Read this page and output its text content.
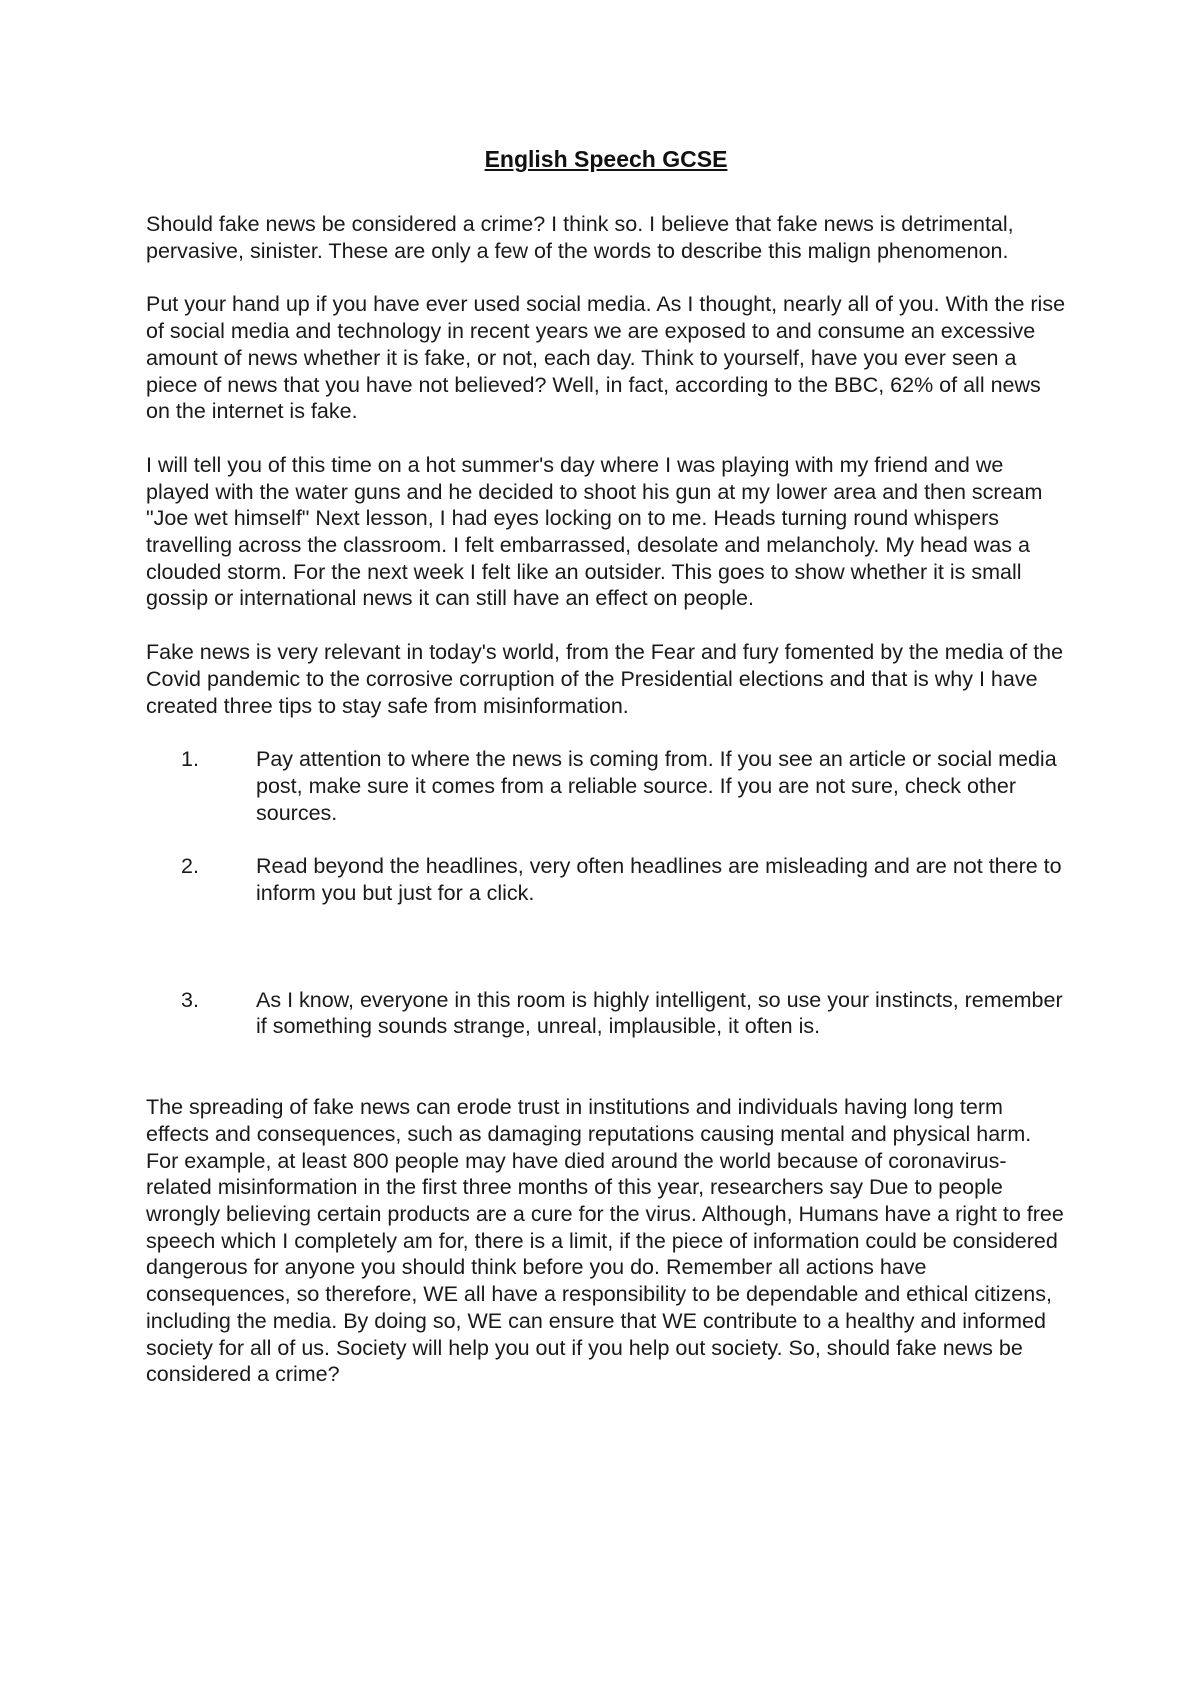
English Speech GCSE

Should fake news be considered a crime? I think so. I believe that fake news is detrimental, pervasive, sinister. These are only a few of the words to describe this malign phenomenon.

Put your hand up if you have ever used social media. As I thought, nearly all of you. With the rise of social media and technology in recent years we are exposed to and consume an excessive amount of news whether it is fake, or not, each day. Think to yourself, have you ever seen a piece of news that you have not believed? Well, in fact, according to the BBC, 62% of all news on the internet is fake.

I will tell you of this time on a hot summer's day where I was playing with my friend and we played with the water guns and he decided to shoot his gun at my lower area and then scream "Joe wet himself" Next lesson, I had eyes locking on to me. Heads turning round whispers travelling across the classroom. I felt embarrassed, desolate and melancholy. My head was a clouded storm. For the next week I felt like an outsider. This goes to show whether it is small gossip or international news it can still have an effect on people.

Fake news is very relevant in today's world, from the Fear and fury fomented by the media of the Covid pandemic to the corrosive corruption of the Presidential elections and that is why I have created three tips to stay safe from misinformation.

1.	Pay attention to where the news is coming from. If you see an article or social media post, make sure it comes from a reliable source. If you are not sure, check other sources.
2.	Read beyond the headlines, very often headlines are misleading and are not there to inform you but just for a click.
3.	As I know, everyone in this room is highly intelligent, so use your instincts, remember if something sounds strange, unreal, implausible, it often is.

The spreading of fake news can erode trust in institutions and individuals having long term effects and consequences, such as damaging reputations causing mental and physical harm. For example, at least 800 people may have died around the world because of coronavirus-related misinformation in the first three months of this year, researchers say Due to people wrongly believing certain products are a cure for the virus. Although, Humans have a right to free speech which I completely am for, there is a limit, if the piece of information could be considered dangerous for anyone you should think before you do. Remember all actions have consequences, so therefore, WE all have a responsibility to be dependable and ethical citizens, including the media. By doing so, WE can ensure that WE contribute to a healthy and informed society for all of us. Society will help you out if you help out society. So, should fake news be considered a crime?
